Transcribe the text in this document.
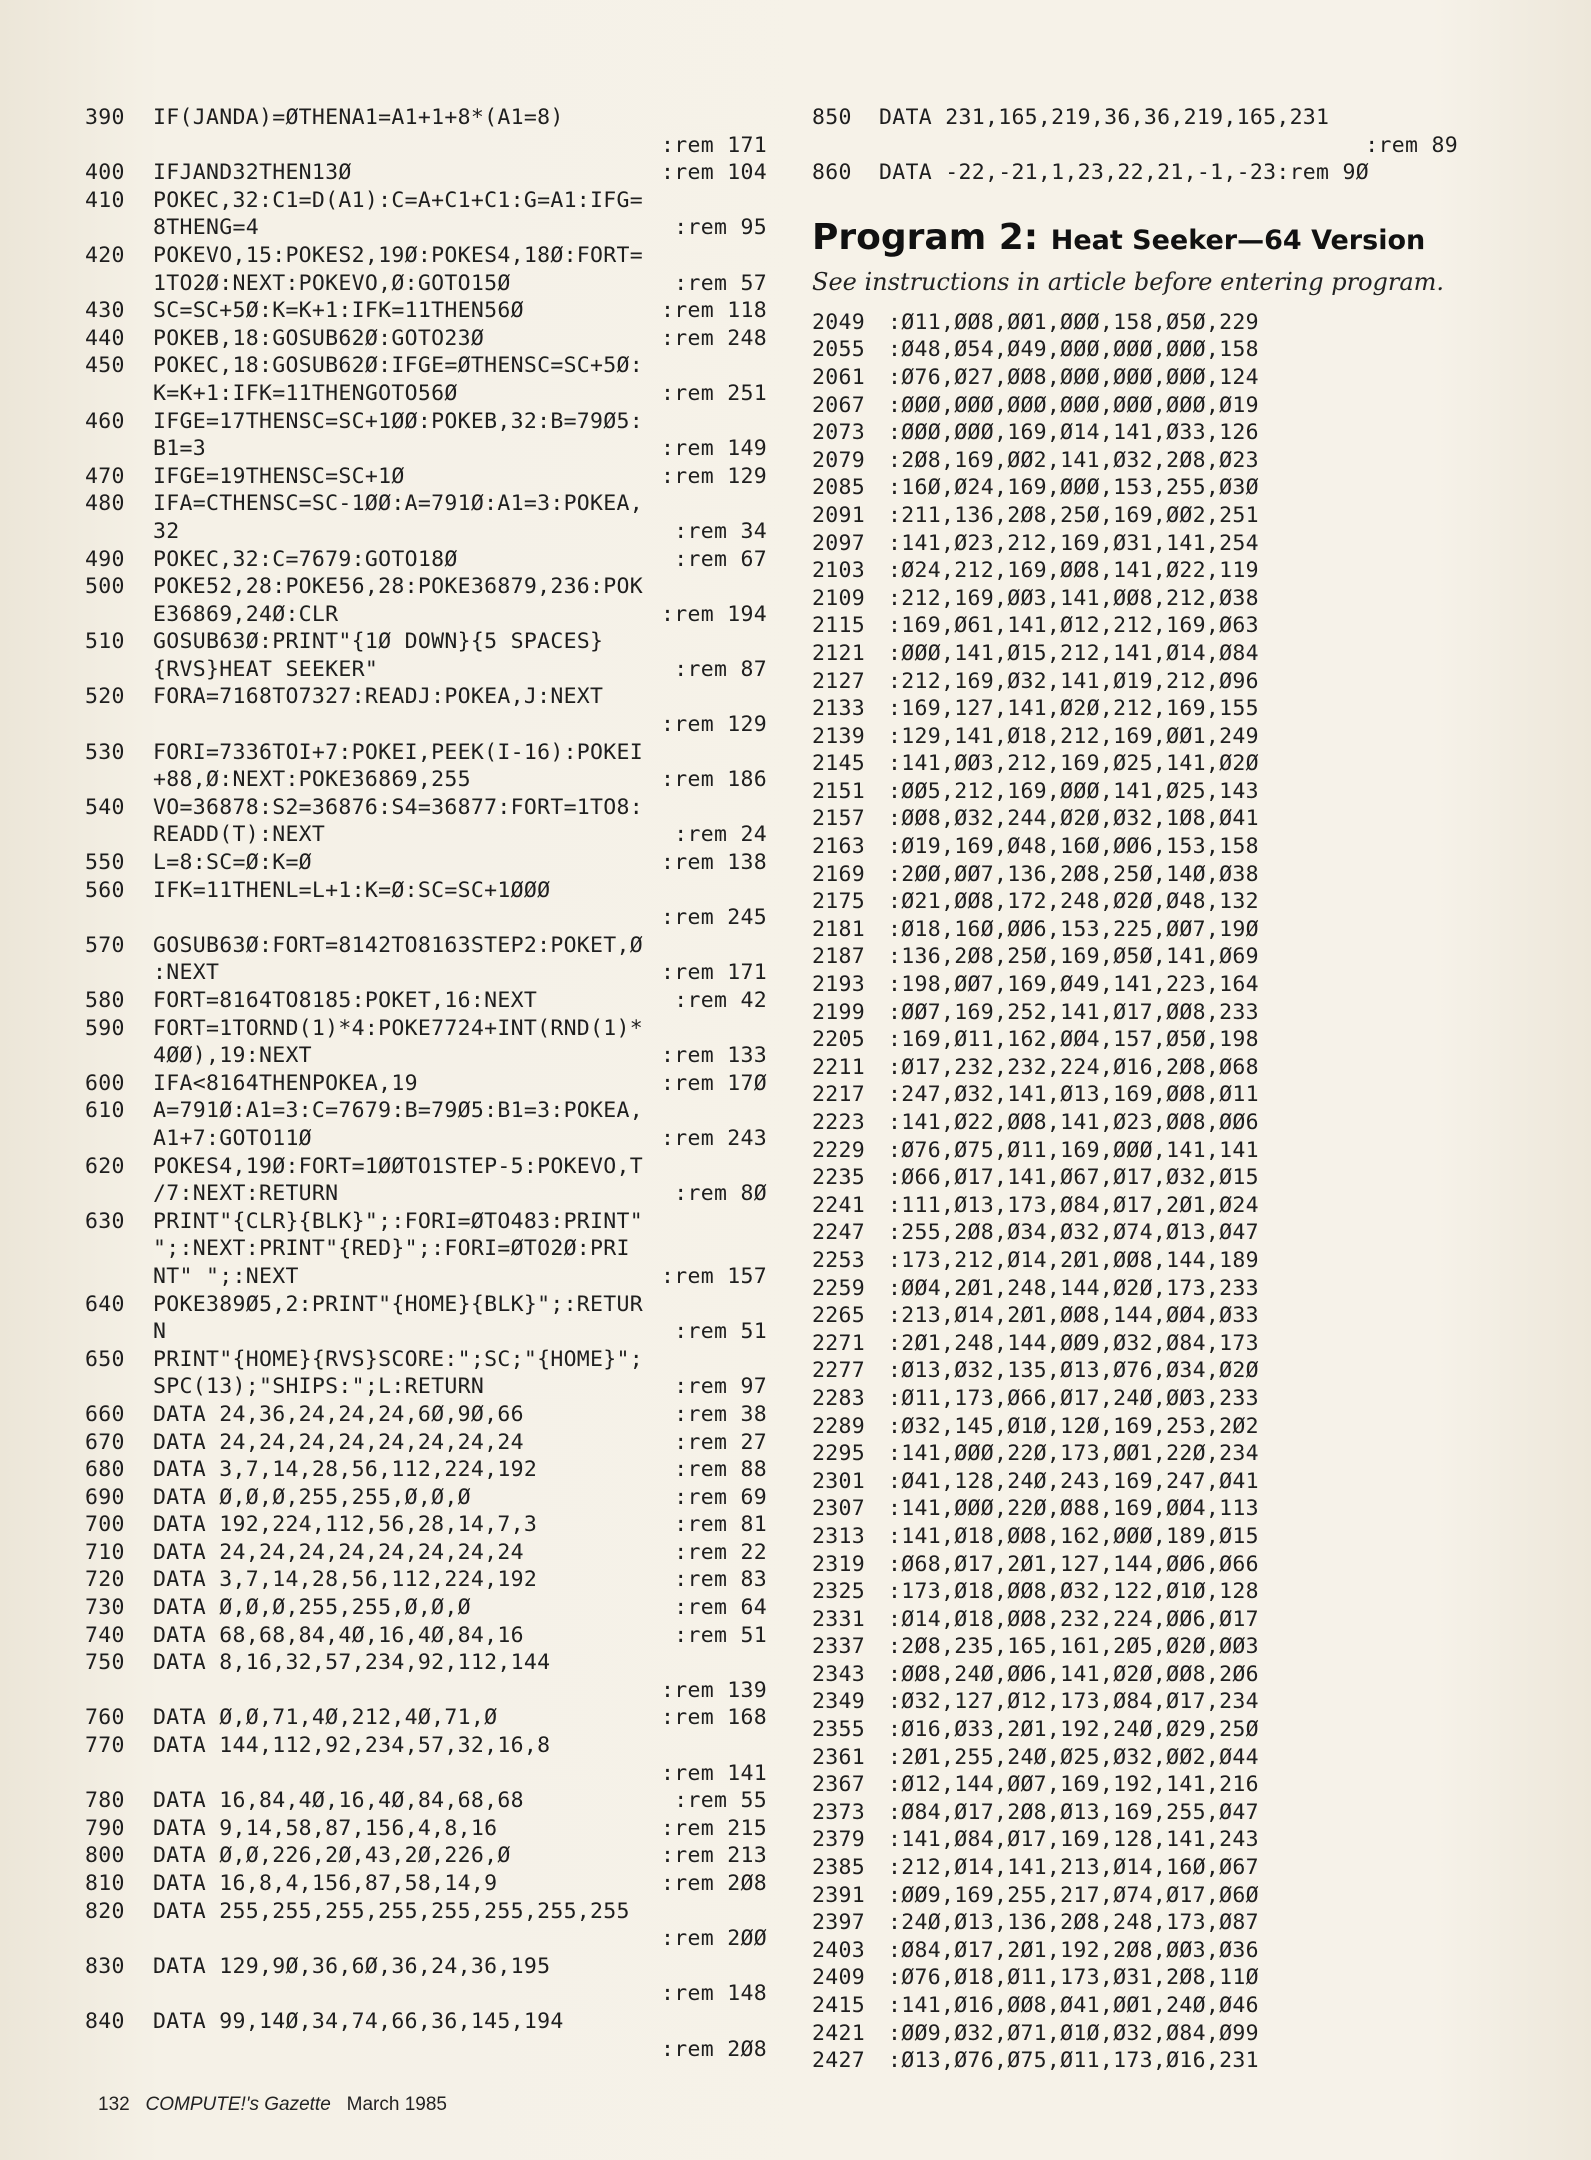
390	IF(JANDA)=ØTHENA1=A1+1+8*(A1=8)
:rem 171
400	IFJAND32THEN13Ø	:rem 104
410	POKEC,32:C1=D(A1):C=A+C1+C1:G=A1:IFG=
8THENG=4	:rem 95
420	POKEVO,15:POKES2,19Ø:POKES4,18Ø:FORT=
1TO2Ø:NEXT:POKEVO,Ø:GOTO15Ø	:rem 57
430	SC=SC+5Ø:K=K+1:IFK=11THEN56Ø	:rem 118
440	POKEB,18:GOSUB62Ø:GOTO23Ø	:rem 248
450	POKEC,18:GOSUB62Ø:IFGE=ØTHENSC=SC+5Ø:
K=K+1:IFK=11THENGOTO56Ø	:rem 251
460	IFGE=17THENSC=SC+1ØØ:POKEB,32:B=79Ø5:
B1=3	:rem 149
470	IFGE=19THENSC=SC+1Ø	:rem 129
480	IFA=CTHENSC=SC-1ØØ:A=791Ø:A1=3:POKEA,
32	:rem 34
490	POKEC,32:C=7679:GOTO18Ø	:rem 67
500	POKE52,28:POKE56,28:POKE36879,236:POK
E36869,24Ø:CLR	:rem 194
510	GOSUB63Ø:PRINT"{1Ø DOWN}{5 SPACES}
{RVS}HEAT SEEKER"	:rem 87
520	FORA=7168TO7327:READJ:POKEA,J:NEXT
:rem 129
530	FORI=7336TOI+7:POKEI,PEEK(I-16):POKEI
+88,Ø:NEXT:POKE36869,255	:rem 186
540	VO=36878:S2=36876:S4=36877:FORT=1TO8:
READD(T):NEXT	:rem 24
550	L=8:SC=Ø:K=Ø	:rem 138
560	IFK=11THENL=L+1:K=Ø:SC=SC+1ØØØ
:rem 245
570	GOSUB63Ø:FORT=8142TO8163STEP2:POKET,Ø
:NEXT	:rem 171
580	FORT=8164TO8185:POKET,16:NEXT	:rem 42
590	FORT=1TORND(1)*4:POKE7724+INT(RND(1)*
4ØØ),19:NEXT	:rem 133
600	IFA<8164THENPOKEA,19	:rem 17Ø
610	A=791Ø:A1=3:C=7679:B=79Ø5:B1=3:POKEA,
A1+7:GOTO11Ø	:rem 243
620	POKES4,19Ø:FORT=1ØØTO1STEP-5:POKEVO,T
/7:NEXT:RETURN	:rem 8Ø
630	PRINT"{CLR}{BLK}";:FORI=ØTO483:PRINT"
";:NEXT:PRINT"{RED}";:FORI=ØTO2Ø:PRI
NT" ";:NEXT	:rem 157
640	POKE389Ø5,2:PRINT"{HOME}{BLK}";:RETUR
N	:rem 51
650	PRINT"{HOME}{RVS}SCORE:";SC;"{HOME}";
SPC(13);"SHIPS:";L:RETURN	:rem 97
660	DATA 24,36,24,24,24,6Ø,9Ø,66	:rem 38
670	DATA 24,24,24,24,24,24,24,24	:rem 27
680	DATA 3,7,14,28,56,112,224,192	:rem 88
690	DATA Ø,Ø,Ø,255,255,Ø,Ø,Ø	:rem 69
700	DATA 192,224,112,56,28,14,7,3	:rem 81
710	DATA 24,24,24,24,24,24,24,24	:rem 22
720	DATA 3,7,14,28,56,112,224,192	:rem 83
730	DATA Ø,Ø,Ø,255,255,Ø,Ø,Ø	:rem 64
740	DATA 68,68,84,4Ø,16,4Ø,84,16	:rem 51
750	DATA 8,16,32,57,234,92,112,144
:rem 139
760	DATA Ø,Ø,71,4Ø,212,4Ø,71,Ø	:rem 168
770	DATA 144,112,92,234,57,32,16,8
:rem 141
780	DATA 16,84,4Ø,16,4Ø,84,68,68	:rem 55
790	DATA 9,14,58,87,156,4,8,16	:rem 215
800	DATA Ø,Ø,226,2Ø,43,2Ø,226,Ø	:rem 213
810	DATA 16,8,4,156,87,58,14,9	:rem 2Ø8
820	DATA 255,255,255,255,255,255,255,255
:rem 2ØØ
830	DATA 129,9Ø,36,6Ø,36,24,36,195
:rem 148
840	DATA 99,14Ø,34,74,66,36,145,194
:rem 2Ø8
850 DATA 231,165,219,36,36,219,165,231
:rem 89
860 DATA -22,-21,1,23,22,21,-1,-23:rem 9Ø
Program 2: Heat Seeker—64 Version
See instructions in article before entering program.
2049 :Ø11,ØØ8,ØØ1,ØØØ,158,Ø5Ø,229
2055 :Ø48,Ø54,Ø49,ØØØ,ØØØ,ØØØ,158
2061 :Ø76,Ø27,ØØ8,ØØØ,ØØØ,ØØØ,124
2067 :ØØØ,ØØØ,ØØØ,ØØØ,ØØØ,ØØØ,Ø19
2073 :ØØØ,ØØØ,169,Ø14,141,Ø33,126
2079 :2Ø8,169,ØØ2,141,Ø32,2Ø8,Ø23
2085 :16Ø,Ø24,169,ØØØ,153,255,Ø3Ø
2091 :211,136,2Ø8,25Ø,169,ØØ2,251
2097 :141,Ø23,212,169,Ø31,141,254
2103 :Ø24,212,169,ØØ8,141,Ø22,119
2109 :212,169,ØØ3,141,ØØ8,212,Ø38
2115 :169,Ø61,141,Ø12,212,169,Ø63
2121 :ØØØ,141,Ø15,212,141,Ø14,Ø84
2127 :212,169,Ø32,141,Ø19,212,Ø96
2133 :169,127,141,Ø2Ø,212,169,155
2139 :129,141,Ø18,212,169,ØØ1,249
2145 :141,ØØ3,212,169,Ø25,141,Ø2Ø
2151 :ØØ5,212,169,ØØØ,141,Ø25,143
2157 :ØØ8,Ø32,244,Ø2Ø,Ø32,1Ø8,Ø41
2163 :Ø19,169,Ø48,16Ø,ØØ6,153,158
2169 :2ØØ,ØØ7,136,2Ø8,25Ø,14Ø,Ø38
2175 :Ø21,ØØ8,172,248,Ø2Ø,Ø48,132
2181 :Ø18,16Ø,ØØ6,153,225,ØØ7,19Ø
2187 :136,2Ø8,25Ø,169,Ø5Ø,141,Ø69
2193 :198,ØØ7,169,Ø49,141,223,164
2199 :ØØ7,169,252,141,Ø17,ØØ8,233
2205 :169,Ø11,162,ØØ4,157,Ø5Ø,198
2211 :Ø17,232,232,224,Ø16,2Ø8,Ø68
2217 :247,Ø32,141,Ø13,169,ØØ8,Ø11
2223 :141,Ø22,ØØ8,141,Ø23,ØØ8,ØØ6
2229 :Ø76,Ø75,Ø11,169,ØØØ,141,141
2235 :Ø66,Ø17,141,Ø67,Ø17,Ø32,Ø15
2241 :111,Ø13,173,Ø84,Ø17,2Ø1,Ø24
2247 :255,2Ø8,Ø34,Ø32,Ø74,Ø13,Ø47
2253 :173,212,Ø14,2Ø1,ØØ8,144,189
2259 :ØØ4,2Ø1,248,144,Ø2Ø,173,233
2265 :213,Ø14,2Ø1,ØØ8,144,ØØ4,Ø33
2271 :2Ø1,248,144,ØØ9,Ø32,Ø84,173
2277 :Ø13,Ø32,135,Ø13,Ø76,Ø34,Ø2Ø
2283 :Ø11,173,Ø66,Ø17,24Ø,ØØ3,233
2289 :Ø32,145,Ø1Ø,12Ø,169,253,2Ø2
2295 :141,ØØØ,22Ø,173,ØØ1,22Ø,234
2301 :Ø41,128,24Ø,243,169,247,Ø41
2307 :141,ØØØ,22Ø,Ø88,169,ØØ4,113
2313 :141,Ø18,ØØ8,162,ØØØ,189,Ø15
2319 :Ø68,Ø17,2Ø1,127,144,ØØ6,Ø66
2325 :173,Ø18,ØØ8,Ø32,122,Ø1Ø,128
2331 :Ø14,Ø18,ØØ8,232,224,ØØ6,Ø17
2337 :2Ø8,235,165,161,2Ø5,Ø2Ø,ØØ3
2343 :ØØ8,24Ø,ØØ6,141,Ø2Ø,ØØ8,2Ø6
2349 :Ø32,127,Ø12,173,Ø84,Ø17,234
2355 :Ø16,Ø33,2Ø1,192,24Ø,Ø29,25Ø
2361 :2Ø1,255,24Ø,Ø25,Ø32,ØØ2,Ø44
2367 :Ø12,144,ØØ7,169,192,141,216
2373 :Ø84,Ø17,2Ø8,Ø13,169,255,Ø47
2379 :141,Ø84,Ø17,169,128,141,243
2385 :212,Ø14,141,213,Ø14,16Ø,Ø67
2391 :ØØ9,169,255,217,Ø74,Ø17,Ø6Ø
2397 :24Ø,Ø13,136,2Ø8,248,173,Ø87
2403 :Ø84,Ø17,2Ø1,192,2Ø8,ØØ3,Ø36
2409 :Ø76,Ø18,Ø11,173,Ø31,2Ø8,11Ø
2415 :141,Ø16,ØØ8,Ø41,ØØ1,24Ø,Ø46
2421 :ØØ9,Ø32,Ø71,Ø1Ø,Ø32,Ø84,Ø99
2427 :Ø13,Ø76,Ø75,Ø11,173,Ø16,231
132 COMPUTE!'s Gazette March 1985
